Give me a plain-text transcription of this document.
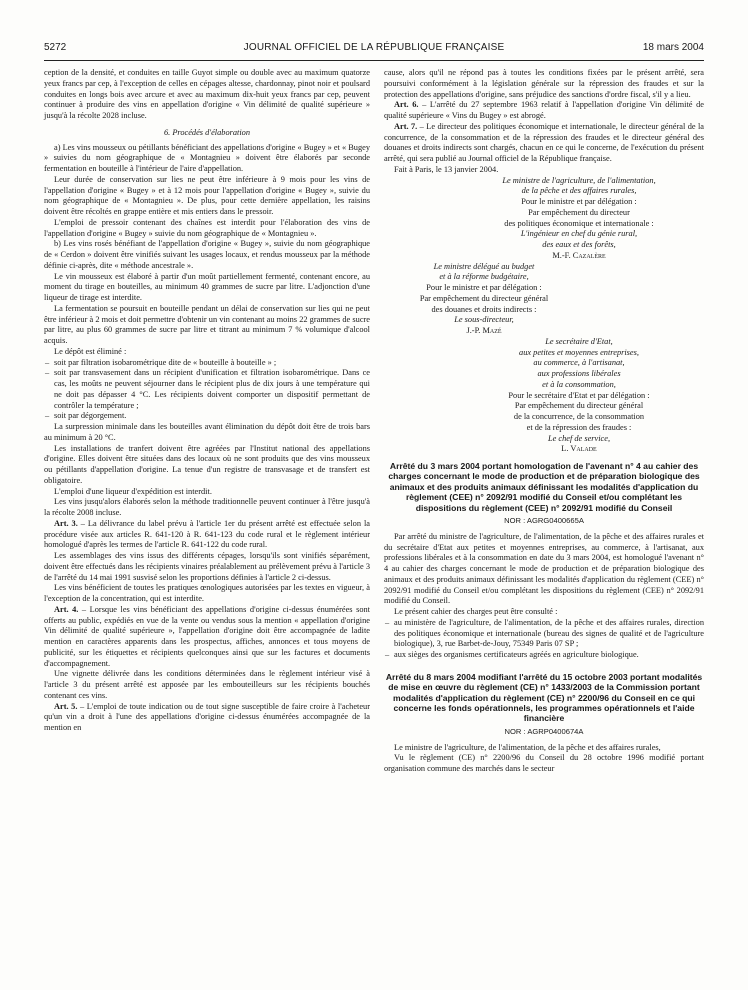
5272	JOURNAL OFFICIEL DE LA RÉPUBLIQUE FRANÇAISE	18 mars 2004

ception de la densité, et conduites en taille Guyot simple ou double avec au maximum quatorze yeux francs par cep, à l'exception de celles en cépages altesse, chardonnay, pinot noir et poulsard conduites en longs bois avec arcure et avec au maximum dix-huit yeux francs par cep, peuvent continuer à produire des vins en appellation d'origine « Vin délimité de qualité supérieure » jusqu'à la récolte 2028 incluse.

6. Procédés d'élaboration

a) Les vins mousseux ou pétillants bénéficiant des appellations d'origine « Bugey » et « Bugey » suivies du nom géographique de « Montagnieu » doivent être élaborés par seconde fermentation en bouteille à l'intérieur de l'aire d'appellation.

Leur durée de conservation sur lies ne peut être inférieure à 9 mois pour les vins de l'appellation d'origine « Bugey » et à 12 mois pour l'appellation d'origine « Bugey », suivie du nom géographique de « Montagnieu ». De plus, pour cette dernière appellation, les raisins doivent être récoltés en grappe entière et mis entiers dans le pressoir.

L'emploi de pressoir contenant des chaînes est interdit pour l'élaboration des vins de l'appellation d'origine « Bugey » suivie du nom géographique de « Montagnieu ».

b) Les vins rosés bénéfiant de l'appellation d'origine « Bugey », suivie du nom géographique de « Cerdon » doivent être vinifiés suivant les usages locaux, et rendus mousseux par la méthode définie ci-après, dite « méthode ancestrale ».

Le vin mousseux est élaboré à partir d'un moût partiellement fermenté, contenant encore, au moment du tirage en bouteilles, au minimum 40 grammes de sucre par litre. L'adjonction d'une liqueur de tirage est interdite.

La fermentation se poursuit en bouteille pendant un délai de conservation sur lies qui ne peut être inférieur à 2 mois et doit permettre d'obtenir un vin contenant au moins 22 grammes de sucre par litre, au plus 60 grammes de sucre par litre et titrant au minimum 7 % volumique d'alcool acquis.

Le dépôt est éliminé :

– soit par filtration isobarométrique dite de « bouteille à bouteille » ;

– soit par transvasement dans un récipient d'unification et filtration isobarométrique. Dans ce cas, les moûts ne peuvent séjourner dans le récipient plus de dix jours à une température qui ne doit pas dépasser 4 °C. Les récipients doivent comporter un dispositif permettant de contrôler la température ;

– soit par dégorgement.

La surpression minimale dans les bouteilles avant élimination du dépôt doit être de trois bars au minimum à 20 °C.

Les installations de tranfert doivent être agréées par l'Institut national des appellations d'origine. Elles doivent être situées dans des locaux où ne sont produits que des vins mousseux ou pétillants d'appellation d'origine. La tenue d'un registre de transvasage et de transfert est obligatoire.

L'emploi d'une liqueur d'expédition est interdit.

Les vins jusqu'alors élaborés selon la méthode traditionnelle peuvent continuer à l'être jusqu'à la récolte 2008 incluse.

Art. 3. – La délivrance du label prévu à l'article 1er du présent arrêté est effectuée selon la procédure visée aux articles R. 641-120 à R. 641-123 du code rural et le règlement intérieur homologué d'après les termes de l'article R. 641-122 du code rural.

Les assemblages des vins issus des différents cépages, lorsqu'ils sont vinifiés séparément, doivent être effectués dans les récipients vinaires préalablement au prélèvement prévu à l'article 3 de l'arrêté du 14 mai 1991 susvisé selon les proportions définies à l'article 2 ci-dessus.

Les vins bénéficient de toutes les pratiques œnologiques autorisées par les textes en vigueur, à l'exception de la concentration, qui est interdite.

Art. 4. – Lorsque les vins bénéficiant des appellations d'origine ci-dessus énumérées sont offerts au public, expédiés en vue de la vente ou vendus sous la mention « appellation d'origine Vin délimité de qualité supérieure », l'appellation d'origine doit être accompagnée de ladite mention en caractères apparents dans les prospectus, affiches, annonces et tous moyens de publicité, sur les étiquettes et récipients quelconques ainsi que sur les factures et documents d'accompagnement.

Une vignette délivrée dans les conditions déterminées dans le règlement intérieur visé à l'article 3 du présent arrêté est apposée par les embouteilleurs sur les récipients bouchés contenant ces vins.

Art. 5. – L'emploi de toute indication ou de tout signe susceptible de faire croire à l'acheteur qu'un vin a droit à l'une des appellations d'origine ci-dessus énumérées accompagnée de la mention en

cause, alors qu'il ne répond pas à toutes les conditions fixées par le présent arrêté, sera poursuivi conformément à la législation générale sur la répression des fraudes et sur la protection des appellations d'origine, sans préjudice des sanctions d'ordre fiscal, s'il y a lieu.

Art. 6. – L'arrêté du 27 septembre 1963 relatif à l'appellation d'origine Vin délimité de qualité supérieure « Vins du Bugey » est abrogé.

Art. 7. – Le directeur des politiques économique et internationale, le directeur général de la concurrence, de la consommation et de la répression des fraudes et le directeur général des douanes et droits indirects sont chargés, chacun en ce qui le concerne, de l'exécution du présent arrêté, qui sera publié au Journal officiel de la République française.

Fait à Paris, le 13 janvier 2004.

Le ministre de l'agriculture, de l'alimentation,
de la pêche et des affaires rurales,
Pour le ministre et par délégation :
Par empêchement du directeur
des politiques économique et internationale :
L'ingénieur en chef du génie rural,
des eaux et des forêts,
M.-F. Cazalère
Le ministre délégué au budget
et à la réforme budgétaire,
Pour le ministre et par délégation :
Par empêchement du directeur général
des douanes et droits indirects :
Le sous-directeur,
J.-P. Mazé
Le secrétaire d'Etat,
aux petites et moyennes entreprises,
au commerce, à l'artisanat,
aux professions libérales
et à la consommation,
Pour le secrétaire d'Etat et par délégation :
Par empêchement du directeur général
de la concurrence, de la consommation
et de la répression des fraudes :
Le chef de service,
L. Valade

Arrêté du 3 mars 2004 portant homologation de l'avenant n° 4 au cahier des charges concernant le mode de production et de préparation biologique des animaux et des produits animaux définissant les modalités d'application du règlement (CEE) n° 2092/91 modifié du Conseil et/ou complétant les dispositions du règlement (CEE) n° 2092/91 modifié du Conseil

NOR : AGRG0400665A

Par arrêté du ministre de l'agriculture, de l'alimentation, de la pêche et des affaires rurales et du secrétaire d'Etat aux petites et moyennes entreprises, au commerce, à l'artisanat, aux professions libérales et à la consommation en date du 3 mars 2004, est homologué l'avenant n° 4 au cahier des charges concernant le mode de production et de préparation biologique des animaux et des produits animaux définissant les modalités d'application du règlement (CEE) n° 2092/91 modifié du Conseil et/ou complétant les dispositions du règlement (CEE) n° 2092/91 modifié du Conseil.

Le présent cahier des charges peut être consulté :

– au ministère de l'agriculture, de l'alimentation, de la pêche et des affaires rurales, direction des politiques économique et internationale (bureau des signes de qualité et de l'agriculture biologique), 3, rue Barbet-de-Jouy, 75349 Paris 07 SP ;

– aux sièges des organismes certificateurs agréés en agriculture biologique.

Arrêté du 8 mars 2004 modifiant l'arrêté du 15 octobre 2003 portant modalités de mise en œuvre du règlement (CE) n° 1433/2003 de la Commission portant modalités d'application du règlement (CE) n° 2200/96 du Conseil en ce qui concerne les fonds opérationnels, les programmes opérationnels et l'aide financière

NOR : AGRP0400674A

Le ministre de l'agriculture, de l'alimentation, de la pêche et des affaires rurales,

Vu le règlement (CE) n° 2200/96 du Conseil du 28 octobre 1996 modifié portant organisation commune des marchés dans le secteur
